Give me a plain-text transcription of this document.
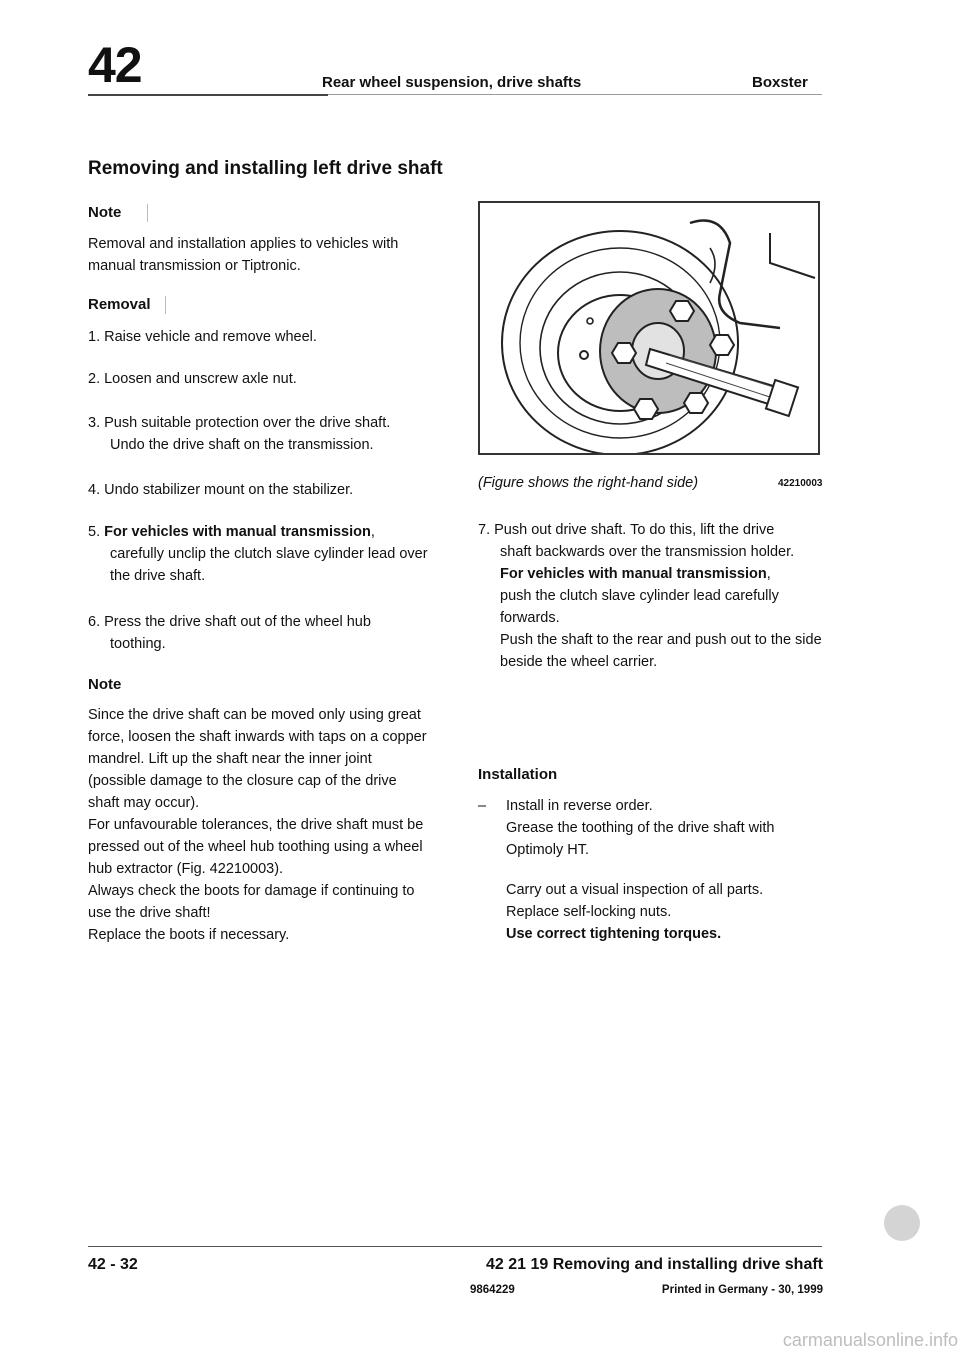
42	Rear wheel suspension, drive shafts	Boxster
Removing and installing left drive shaft
Note
Removal and installation applies to vehicles with manual transmission or Tiptronic.
Removal
1. Raise vehicle and remove wheel.
2. Loosen and unscrew axle nut.
3. Push suitable protection over the drive shaft.
Undo the drive shaft on the transmission.
4. Undo stabilizer mount on the stabilizer.
5. For vehicles with manual transmission,
carefully unclip the clutch slave cylinder lead over the drive shaft.
6. Press the drive shaft out of the wheel hub
toothing.
Note
Since the drive shaft can be moved only using great force, loosen the shaft inwards with taps on a copper mandrel. Lift up the shaft near the inner joint (possible damage to the closure cap of the drive shaft may occur).
For unfavourable tolerances, the drive shaft must be pressed out of the wheel hub toothing using a wheel hub extractor (Fig. 42210003).
Always check the boots for damage if continuing to use the drive shaft!
Replace the boots if necessary.
(Figure shows the right-hand side)	42210003
7. Push out drive shaft. To do this, lift the drive
shaft backwards over the transmission holder.
For vehicles with manual transmission,
push the clutch slave cylinder lead carefully forwards.
Push the shaft to the rear and push out to the side beside the wheel carrier.
Installation
–	Install in reverse order.
Grease the toothing of the drive shaft with Optimoly HT.
Carry out a visual inspection of all parts.
Replace self-locking nuts.
Use correct tightening torques.
42 - 32	42 21 19 Removing and installing drive shaft
9864229	Printed in Germany - 30, 1999
carmanualsonline.info
